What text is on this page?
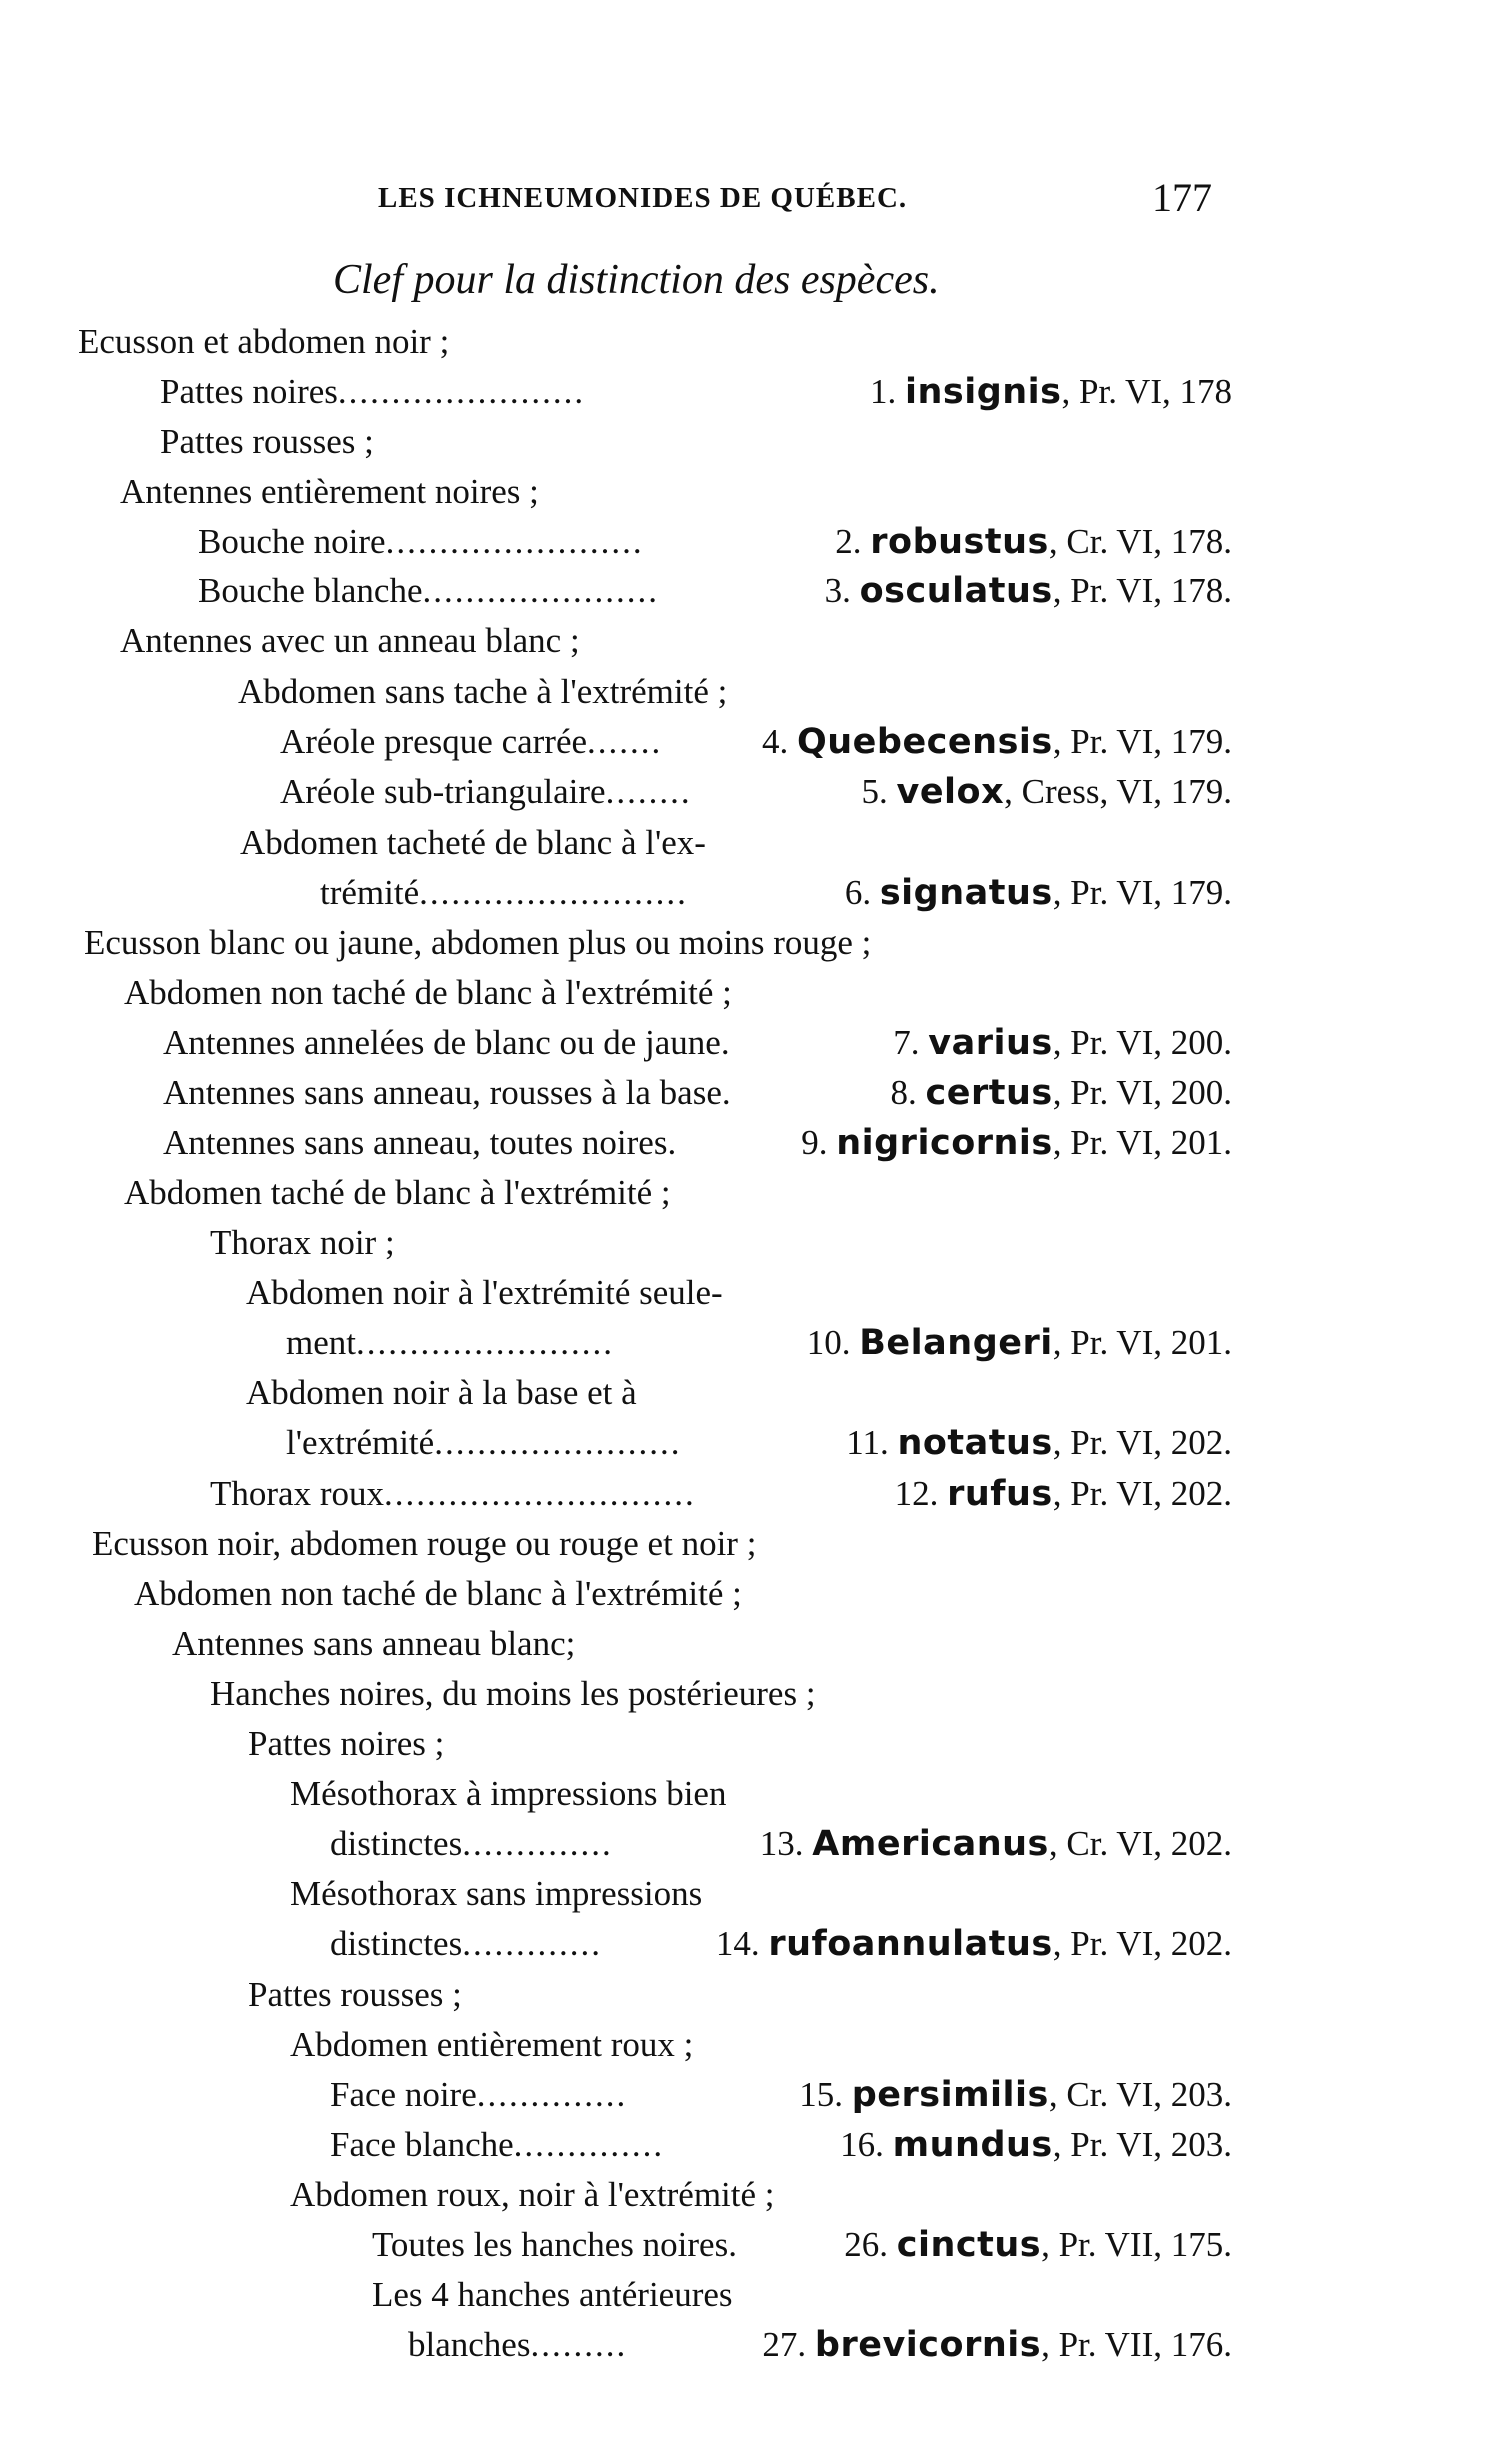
LES ICHNEUMONIDES DE QUÉBEC.	177
Clef pour la distinction des espèces.
Ecusson et abdomen noir ;
Pattes noires.......................	1. insignis, Pr. VI, 178
Pattes rousses ;
Antennes entièrement noires ;
Bouche noire........................	2. robustus, Cr. VI, 178.
Bouche blanche......................	3. osculatus, Pr. VI, 178.
Antennes avec un anneau blanc ;
Abdomen sans tache à l'extrémité ;
Aréole presque carrée.......	4. Quebecensis, Pr. VI, 179.
Aréole sub-triangulaire........	5. velox, Cress, VI, 179.
Abdomen tacheté de blanc à l'ex-
trémité.........................	6. signatus, Pr. VI, 179.
Ecusson blanc ou jaune, abdomen plus ou moins rouge ;
Abdomen non taché de blanc à l'extrémité ;
Antennes annelées de blanc ou de jaune.	7. varius, Pr. VI, 200.
Antennes sans anneau, rousses à la base.	8. certus, Pr. VI, 200.
Antennes sans anneau, toutes noires.	9. nigricornis, Pr. VI, 201.
Abdomen taché de blanc à l'extrémité ;
Thorax noir ;
Abdomen noir à l'extrémité seule-
ment........................	10. Belangeri, Pr. VI, 201.
Abdomen noir à la base et à
l'extrémité.......................	11. notatus, Pr. VI, 202.
Thorax roux.............................	12. rufus, Pr. VI, 202.
Ecusson noir, abdomen rouge ou rouge et noir ;
Abdomen non taché de blanc à l'extrémité ;
Antennes sans anneau blanc;
Hanches noires, du moins les postérieures ;
Pattes noires ;
Mésothorax à impressions bien
distinctes..............	13. Americanus, Cr. VI, 202.
Mésothorax sans impressions
distinctes.............	14. rufoannulatus, Pr. VI, 202.
Pattes rousses ;
Abdomen entièrement roux ;
Face noire..............	15. persimilis, Cr. VI, 203.
Face blanche..............	16. mundus, Pr. VI, 203.
Abdomen roux, noir à l'extrémité ;
Toutes les hanches noires.	26. cinctus, Pr. VII, 175.
Les 4 hanches antérieures
blanches.........	27. brevicornis, Pr. VII, 176.
